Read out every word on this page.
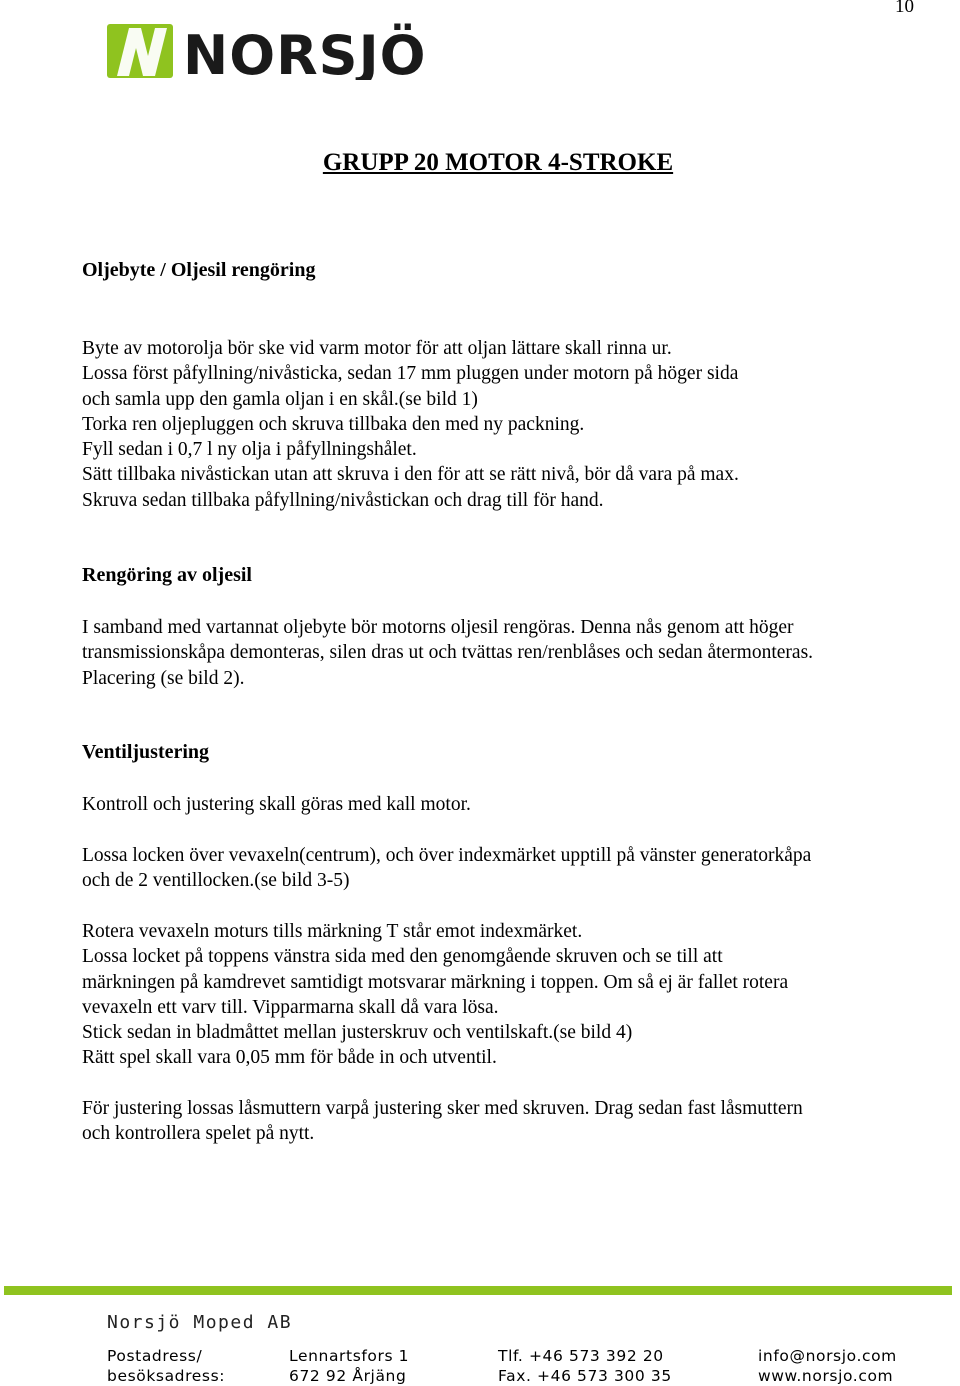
10
NORSJÖ
GRUPP 20 MOTOR 4-STROKE
Oljebyte / Oljesil rengöring

Byte av motorolja bör ske vid varm motor för att oljan lättare skall rinna ur.
Lossa först påfyllning/nivåsticka, sedan 17 mm pluggen under motorn på höger sida
och samla upp den gamla oljan i en skål.(se bild 1)
Torka ren oljepluggen och skruva tillbaka den med ny packning.
Fyll sedan i 0,7 l ny olja i påfyllningshålet.
Sätt tillbaka nivåstickan utan att skruva i den för att se rätt nivå, bör då vara på max.
Skruva sedan tillbaka påfyllning/nivåstickan och drag till för hand.

Rengöring av oljesil

I samband med vartannat oljebyte bör motorns oljesil rengöras. Denna nås genom att höger
transmissionskåpa demonteras, silen dras ut och tvättas ren/renblåses och sedan återmonteras.
Placering (se bild 2).

Ventiljustering

Kontroll och justering skall göras med kall motor.

Lossa locken över vevaxeln(centrum), och över indexmärket upptill på vänster generatorkåpa
och de 2 ventillocken.(se bild 3-5)

Rotera vevaxeln moturs tills märkning T står emot indexmärket.
Lossa locket på toppens vänstra sida med den genomgående skruven och se till att
märkningen på kamdrevet samtidigt motsvarar märkning i toppen. Om så ej är fallet rotera
vevaxeln ett varv till. Vipparmarna skall då vara lösa.
Stick sedan in bladmåttet mellan justerskruv och ventilskaft.(se bild 4)
Rätt spel skall vara 0,05 mm för både in och utventil.

För justering lossas låsmuttern varpå justering sker med skruven. Drag sedan fast låsmuttern
och kontrollera spelet på nytt.

Norsjö Moped AB
Postadress/
besöksadress:
Lennartsfors 1
672 92 Årjäng
Tlf. +46 573 392 20
Fax. +46 573 300 35
info@norsjo.com
www.norsjo.com
